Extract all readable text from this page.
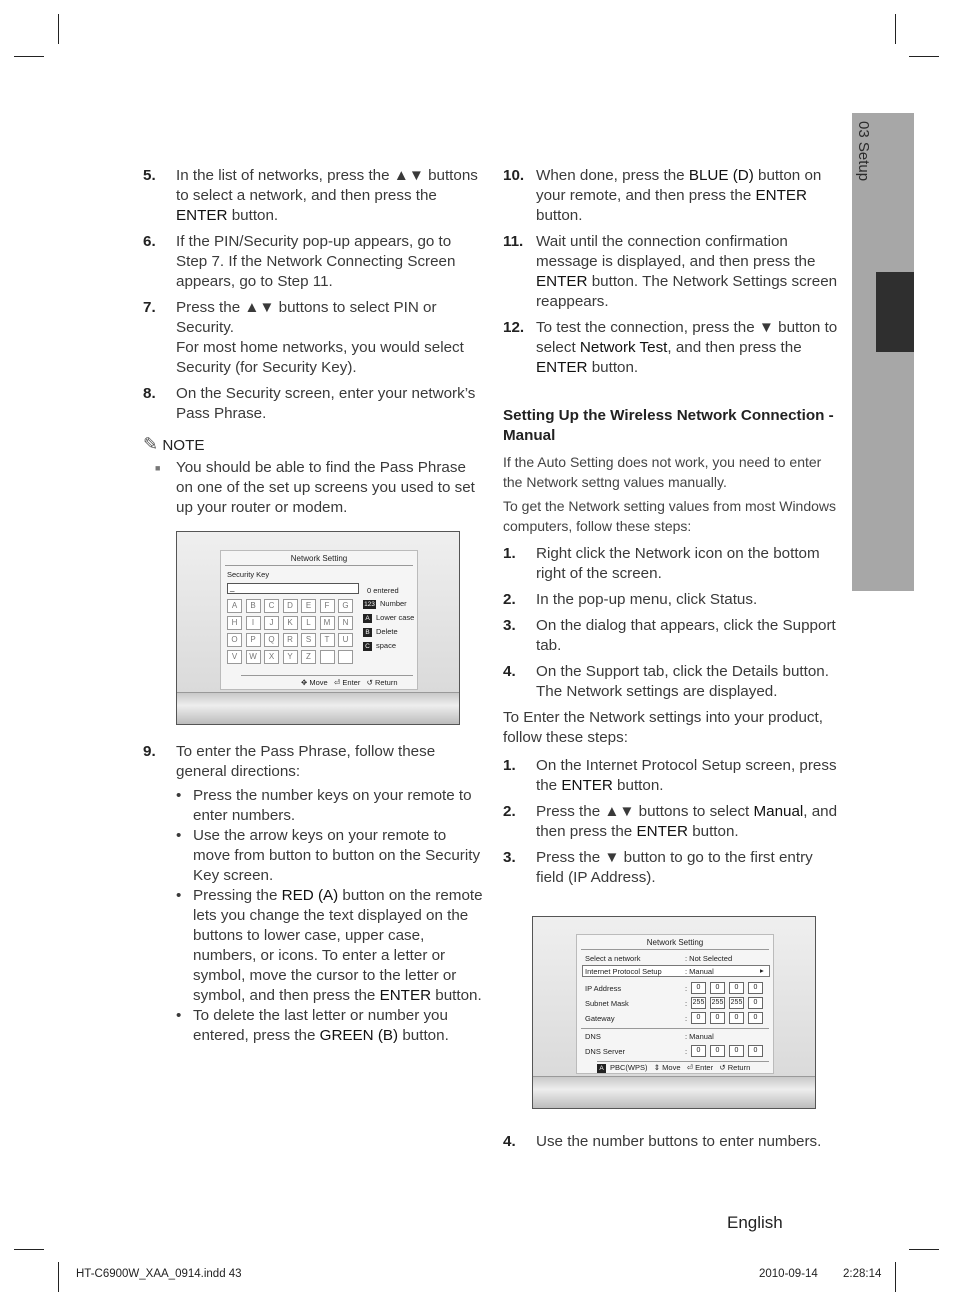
03 Setup
5.	In the list of networks, press the ▲▼ buttons to select a network, and then press the ENTER button.
6.	If the PIN/Security pop-up appears, go to Step 7. If the Network Connecting Screen appears, go to Step 11.
7.	Press the ▲▼ buttons to select PIN or Security.
For most home networks, you would select Security (for Security Key).
8.	On the Security screen, enter your network’s Pass Phrase.
✎ NOTE
■	You should be able to find the Pass Phrase on one of the set up screens you used to set up your router or modem.
Network Setting
Security Key
_	0 entered
A	B	C	D	E	F	G
H	I	J	K	L	M	N
O	P	Q	R	S	T	U
V	W	X	Y	Z
123 Number
A Lower case
B Delete
C space
✥ Move ⏎ Enter ↺ Return
9.	To enter the Pass Phrase, follow these general directions:
• Press the number keys on your remote to enter numbers.
• Use the arrow keys on your remote to move from button to button on the Security Key screen.
• Pressing the RED (A) button on the remote lets you change the text displayed on the buttons to lower case, upper case, numbers, or icons. To enter a letter or symbol, move the cursor to the letter or symbol, and then press the ENTER button.
• To delete the last letter or number you entered, press the GREEN (B) button.
10. When done, press the BLUE (D) button on your remote, and then press the ENTER button.
11. Wait until the connection confirmation message is displayed, and then press the ENTER button. The Network Settings screen reappears.
12. To test the connection, press the ▼ button to select Network Test, and then press the ENTER button.
Setting Up the Wireless Network Connection - Manual
If the Auto Setting does not work, you need to enter the Network settng values manually.
To get the Network setting values from most Windows computers, follow these steps:
1.	Right click the Network icon on the bottom right of the screen.
2.	In the pop-up menu, click Status.
3.	On the dialog that appears, click the Support tab.
4.	On the Support tab, click the Details button. The Network settings are displayed.
To Enter the Network settings into your product, follow these steps:
1.	On the Internet Protocol Setup screen, press the ENTER button.
2.	Press the ▲▼ buttons to select Manual, and then press the ENTER button.
3.	Press the ▼ button to go to the first entry field (IP Address).
Network Setting
Select a network	: Not Selected
▸
Internet Protocol Setup	: Manual
IP Address	:	0	0	0	0
Subnet Mask	: 255 255 255	0
Gateway	:	0	0	0	0
DNS	: Manual
DNS Server	:	0	0	0	0
A PBC(WPS) ⇕ Move ⏎ Enter ↺ Return
4.	Use the number buttons to enter numbers.
English
HT-C6900W_XAA_0914.indd 43	2010-09-14 2:28:14
